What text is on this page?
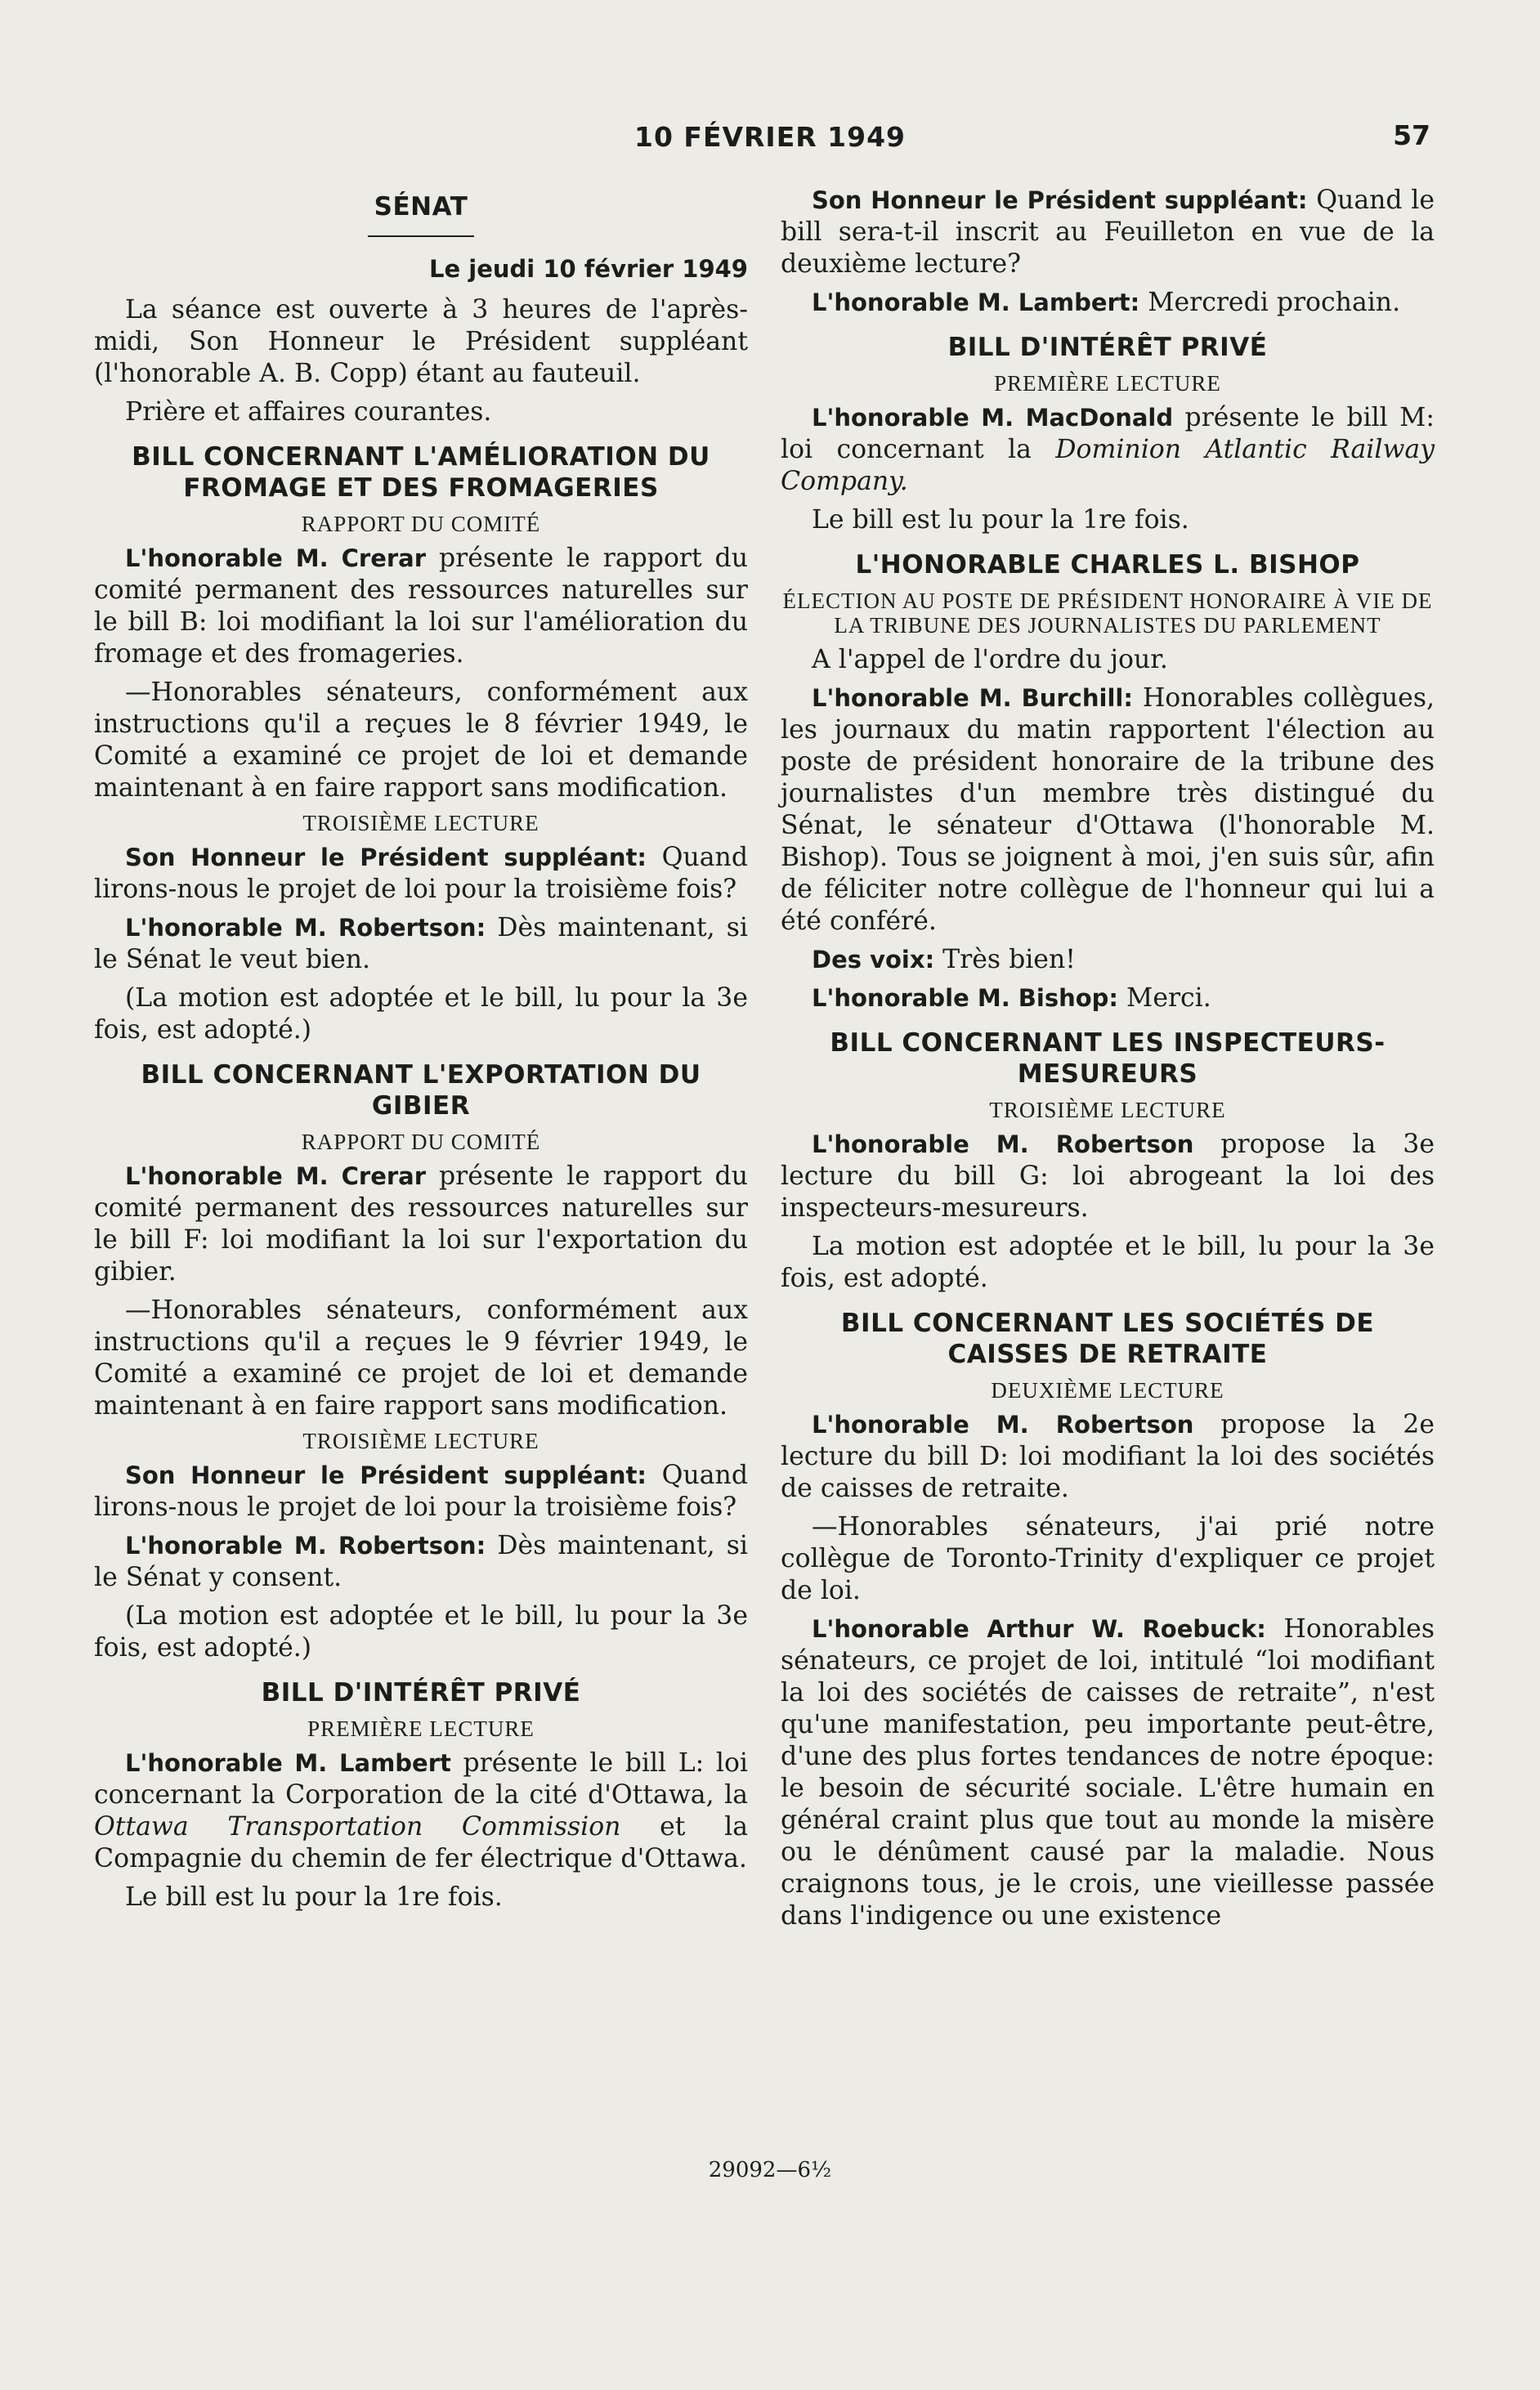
10 FÉVRIER 1949	57
SÉNAT
Le jeudi 10 février 1949

La séance est ouverte à 3 heures de l'après-midi, Son Honneur le Président suppléant (l'honorable A. B. Copp) étant au fauteuil.

Prière et affaires courantes.

BILL CONCERNANT L'AMÉLIORATION DU FROMAGE ET DES FROMAGERIES
RAPPORT DU COMITÉ

L'honorable M. Crerar présente le rapport du comité permanent des ressources naturelles sur le bill B: loi modifiant la loi sur l'amélioration du fromage et des fromageries.

—Honorables sénateurs, conformément aux instructions qu'il a reçues le 8 février 1949, le Comité a examiné ce projet de loi et demande maintenant à en faire rapport sans modification.

TROISIÈME LECTURE

Son Honneur le Président suppléant: Quand lirons-nous le projet de loi pour la troisième fois?

L'honorable M. Robertson: Dès maintenant, si le Sénat le veut bien.

(La motion est adoptée et le bill, lu pour la 3e fois, est adopté.)

BILL CONCERNANT L'EXPORTATION DU GIBIER
RAPPORT DU COMITÉ

L'honorable M. Crerar présente le rapport du comité permanent des ressources naturelles sur le bill F: loi modifiant la loi sur l'exportation du gibier.

—Honorables sénateurs, conformément aux instructions qu'il a reçues le 9 février 1949, le Comité a examiné ce projet de loi et demande maintenant à en faire rapport sans modification.

TROISIÈME LECTURE

Son Honneur le Président suppléant: Quand lirons-nous le projet de loi pour la troisième fois?

L'honorable M. Robertson: Dès maintenant, si le Sénat y consent.

(La motion est adoptée et le bill, lu pour la 3e fois, est adopté.)

BILL D'INTÉRÊT PRIVÉ
PREMIÈRE LECTURE

L'honorable M. Lambert présente le bill L: loi concernant la Corporation de la cité d'Ottawa, la Ottawa Transportation Commission et la Compagnie du chemin de fer électrique d'Ottawa.

Le bill est lu pour la 1re fois.

Son Honneur le Président suppléant: Quand le bill sera-t-il inscrit au Feuilleton en vue de la deuxième lecture?

L'honorable M. Lambert: Mercredi prochain.

BILL D'INTÉRÊT PRIVÉ
PREMIÈRE LECTURE

L'honorable M. MacDonald présente le bill M: loi concernant la Dominion Atlantic Railway Company.

Le bill est lu pour la 1re fois.

L'HONORABLE CHARLES L. BISHOP
ÉLECTION AU POSTE DE PRÉSIDENT HONORAIRE À VIE DE LA TRIBUNE DES JOURNALISTES DU PARLEMENT

A l'appel de l'ordre du jour.

L'honorable M. Burchill: Honorables collègues, les journaux du matin rapportent l'élection au poste de président honoraire de la tribune des journalistes d'un membre très distingué du Sénat, le sénateur d'Ottawa (l'honorable M. Bishop). Tous se joignent à moi, j'en suis sûr, afin de féliciter notre collègue de l'honneur qui lui a été conféré.

Des voix: Très bien!

L'honorable M. Bishop: Merci.

BILL CONCERNANT LES INSPECTEURS-MESUREURS
TROISIÈME LECTURE

L'honorable M. Robertson propose la 3e lecture du bill G: loi abrogeant la loi des inspecteurs-mesureurs.

La motion est adoptée et le bill, lu pour la 3e fois, est adopté.

BILL CONCERNANT LES SOCIÉTÉS DE CAISSES DE RETRAITE
DEUXIÈME LECTURE

L'honorable M. Robertson propose la 2e lecture du bill D: loi modifiant la loi des sociétés de caisses de retraite.

—Honorables sénateurs, j'ai prié notre collègue de Toronto-Trinity d'expliquer ce projet de loi.

L'honorable Arthur W. Roebuck: Honorables sénateurs, ce projet de loi, intitulé “loi modifiant la loi des sociétés de caisses de retraite”, n'est qu'une manifestation, peu importante peut-être, d'une des plus fortes tendances de notre époque: le besoin de sécurité sociale. L'être humain en général craint plus que tout au monde la misère ou le dénûment causé par la maladie. Nous craignons tous, je le crois, une vieillesse passée dans l'indigence ou une existence

29092—6½
